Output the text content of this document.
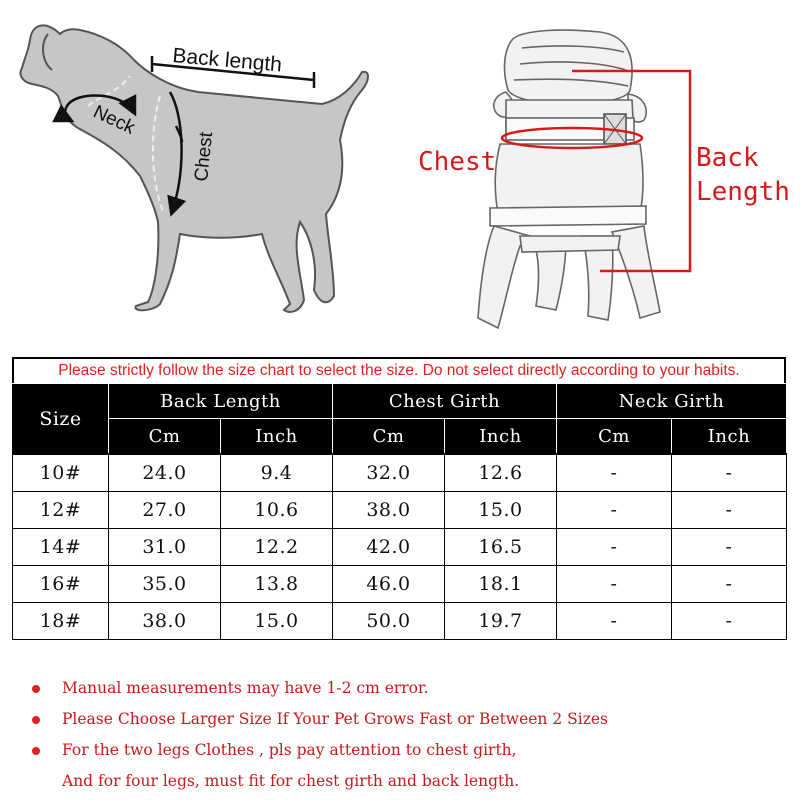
Back length
Neck
Chest	Chest	Back
Length
Please strictly follow the size chart to select the size. Do not select directly according to your habits.
Size	Back Length		Chest Girth		Neck Girth	
	Cm	Inch	Cm	Inch	Cm	Inch
10#	24.0	9.4	32.0	12.6	-	-
12#	27.0	10.6	38.0	15.0	-	-
14#	31.0	12.2	42.0	16.5	-	-
16#	35.0	13.8	46.0	18.1	-	-
18#	38.0	15.0	50.0	19.7	-	-
Manual measurements may have 1-2 cm error.
Please Choose Larger Size If Your Pet Grows Fast or Between 2 Sizes
For the two legs Clothes , pls pay attention to chest girth,
And for four legs, must fit for chest girth and back length.
